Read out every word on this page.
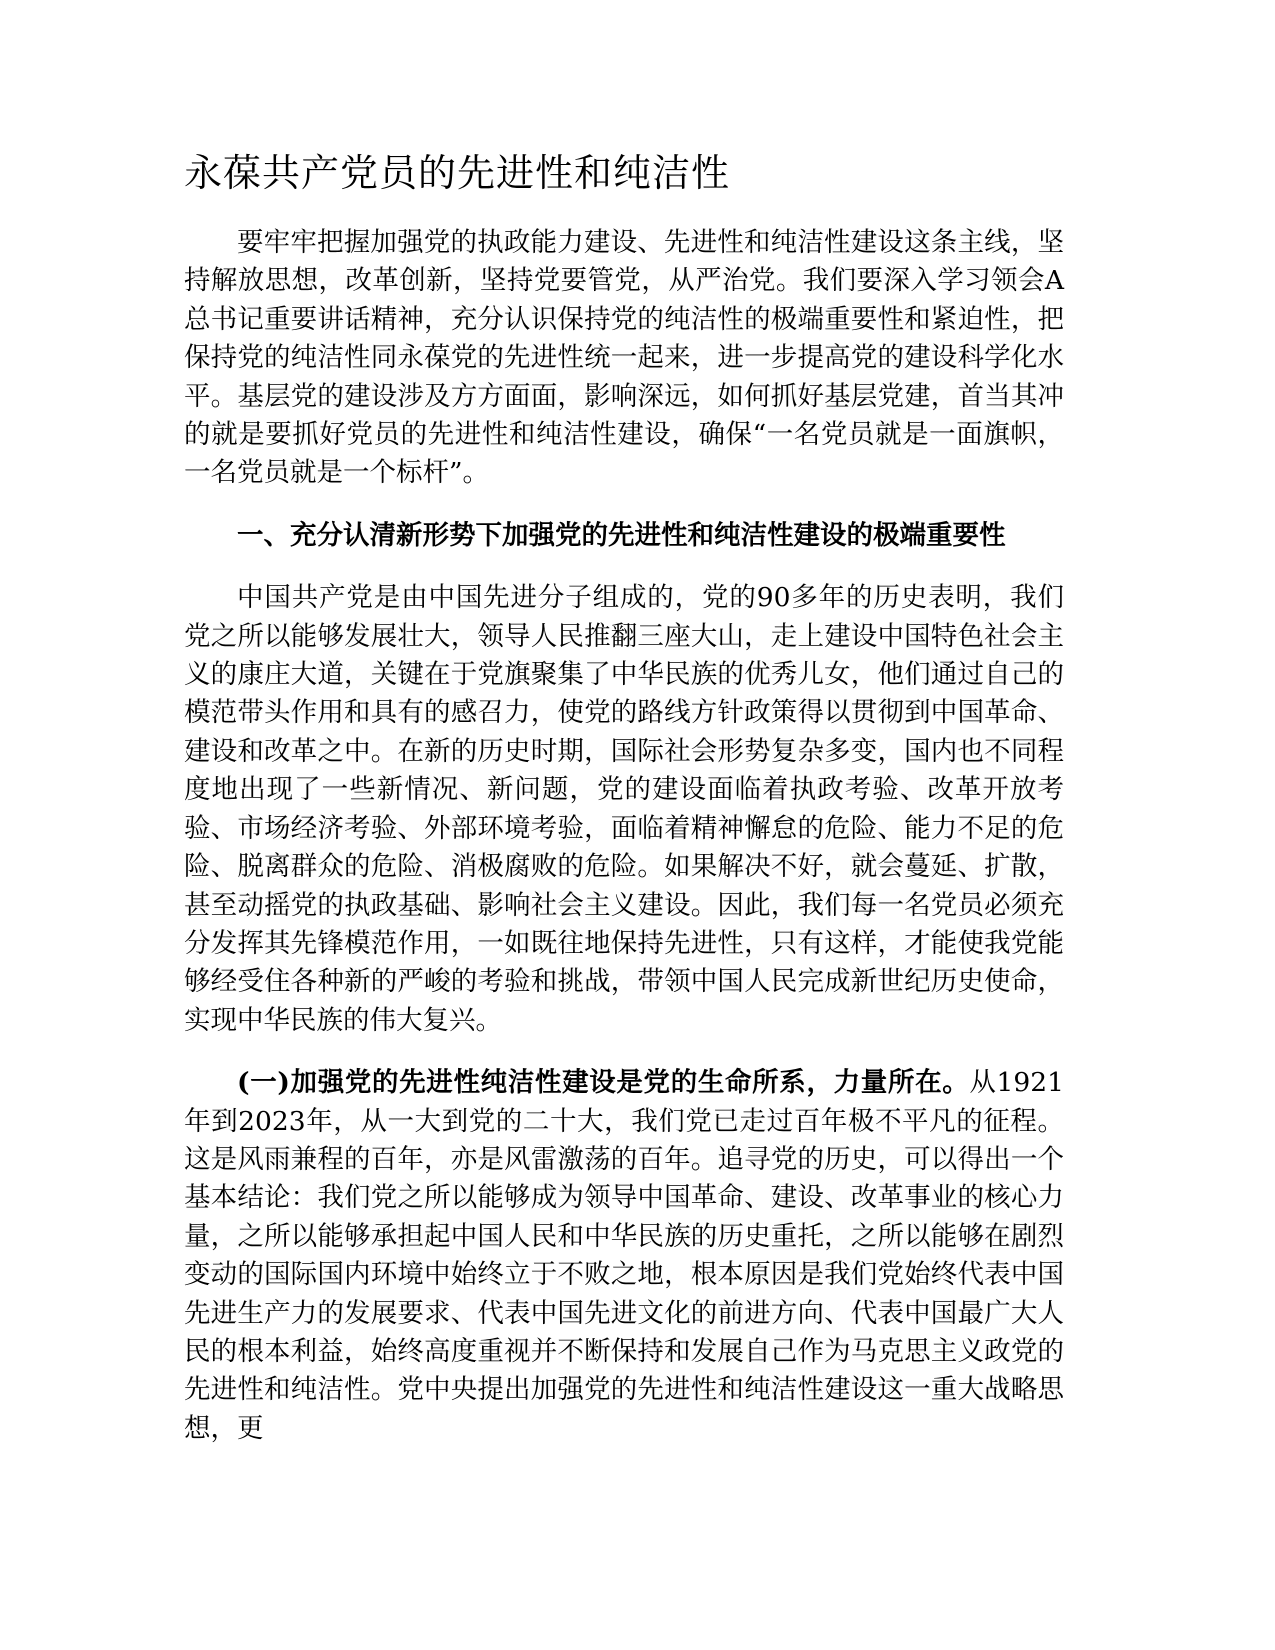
永葆共产党员的先进性和纯洁性

要牢牢把握加强党的执政能力建设、先进性和纯洁性建设这条主线，坚持解放思想，改革创新，坚持党要管党，从严治党。我们要深入学习领会A总书记重要讲话精神，充分认识保持党的纯洁性的极端重要性和紧迫性，把保持党的纯洁性同永葆党的先进性统一起来，进一步提高党的建设科学化水平。基层党的建设涉及方方面面，影响深远，如何抓好基层党建，首当其冲的就是要抓好党员的先进性和纯洁性建设，确保“一名党员就是一面旗帜，一名党员就是一个标杆”。

一、充分认清新形势下加强党的先进性和纯洁性建设的极端重要性

中国共产党是由中国先进分子组成的，党的90多年的历史表明，我们党之所以能够发展壮大，领导人民推翻三座大山，走上建设中国特色社会主义的康庄大道，关键在于党旗聚集了中华民族的优秀儿女，他们通过自己的模范带头作用和具有的感召力，使党的路线方针政策得以贯彻到中国革命、建设和改革之中。在新的历史时期，国际社会形势复杂多变，国内也不同程度地出现了一些新情况、新问题，党的建设面临着执政考验、改革开放考验、市场经济考验、外部环境考验，面临着精神懈怠的危险、能力不足的危险、脱离群众的危险、消极腐败的危险。如果解决不好，就会蔓延、扩散，甚至动摇党的执政基础、影响社会主义建设。因此，我们每一名党员必须充分发挥其先锋模范作用，一如既往地保持先进性，只有这样，才能使我党能够经受住各种新的严峻的考验和挑战，带领中国人民完成新世纪历史使命，实现中华民族的伟大复兴。

(一)加强党的先进性纯洁性建设是党的生命所系，力量所在。从1921年到2023年，从一大到党的二十大，我们党已走过百年极不平凡的征程。这是风雨兼程的百年，亦是风雷激荡的百年。追寻党的历史，可以得出一个基本结论：我们党之所以能够成为领导中国革命、建设、改革事业的核心力量，之所以能够承担起中国人民和中华民族的历史重托，之所以能够在剧烈变动的国际国内环境中始终立于不败之地，根本原因是我们党始终代表中国先进生产力的发展要求、代表中国先进文化的前进方向、代表中国最广大人民的根本利益，始终高度重视并不断保持和发展自己作为马克思主义政党的先进性和纯洁性。党中央提出加强党的先进性和纯洁性建设这一重大战略思想，更
